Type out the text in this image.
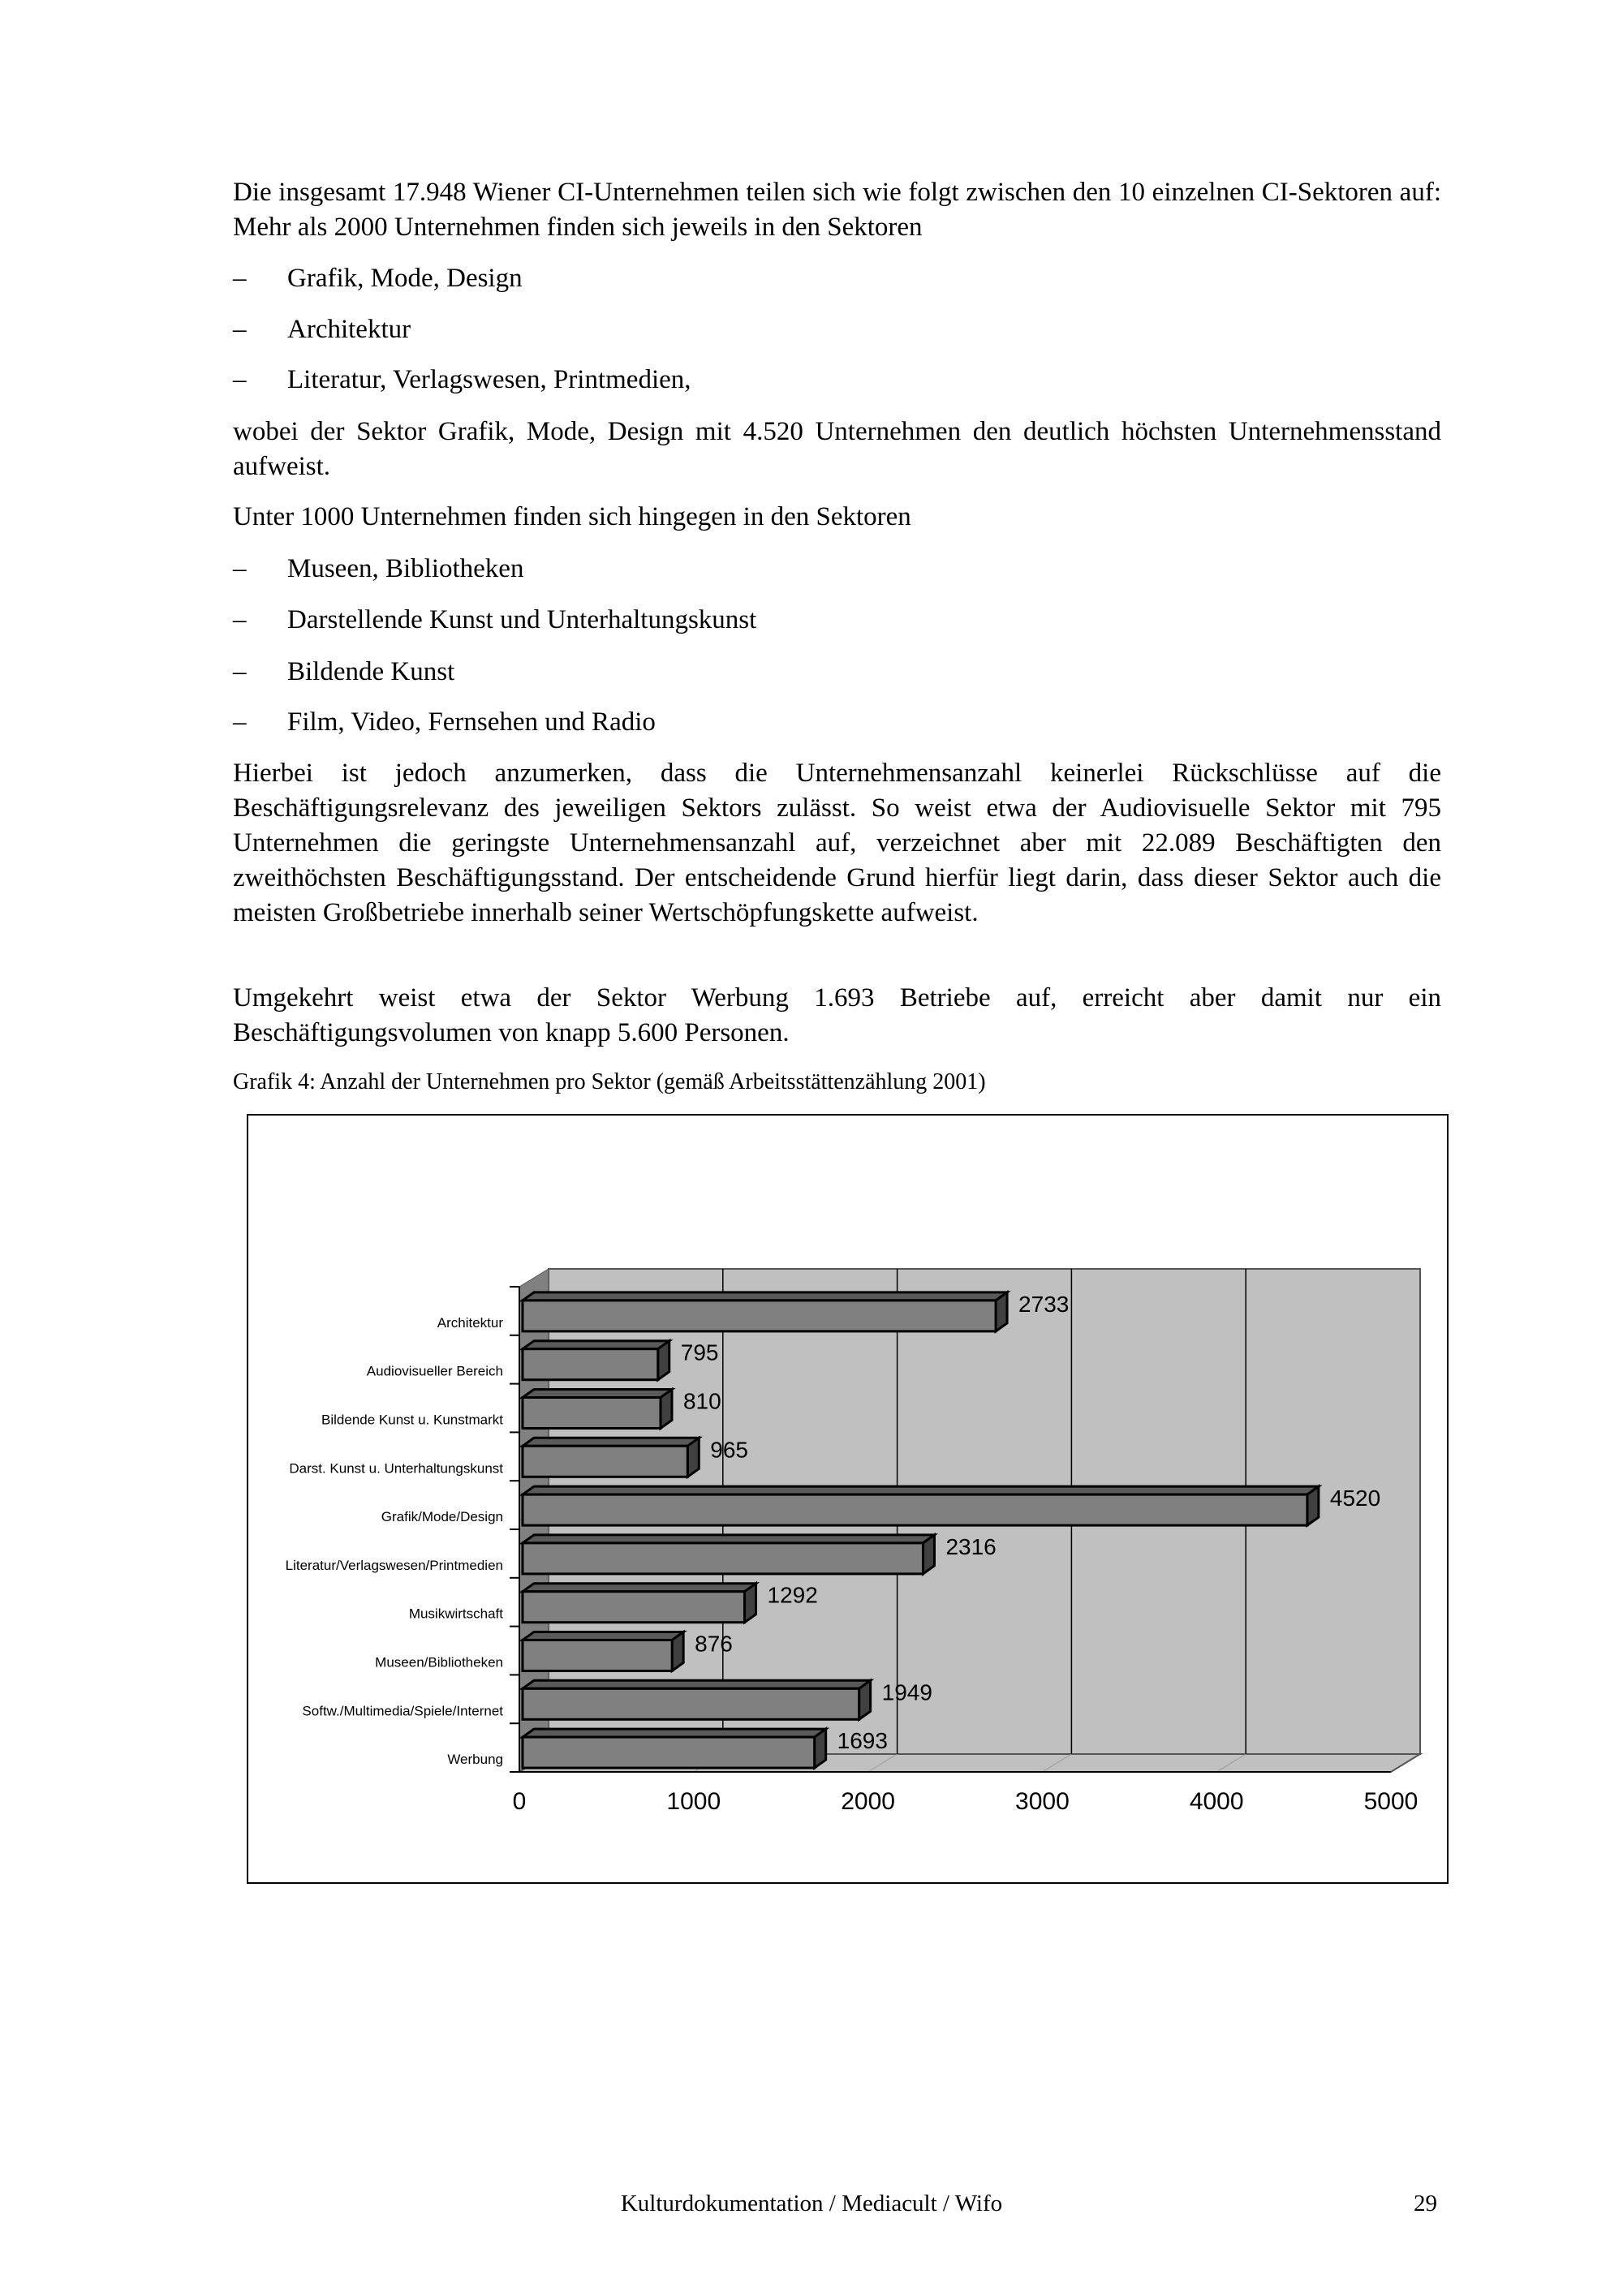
Die insgesamt 17.948 Wiener CI-Unternehmen teilen sich wie folgt zwischen den 10 einzelnen CI-Sektoren auf: Mehr als 2000 Unternehmen finden sich jeweils in den Sektoren
– Grafik, Mode, Design
– Architektur
– Literatur, Verlagswesen, Printmedien,
wobei der Sektor Grafik, Mode, Design mit 4.520 Unternehmen den deutlich höchsten Unternehmensstand aufweist.
Unter 1000 Unternehmen finden sich hingegen in den Sektoren
– Museen, Bibliotheken
– Darstellende Kunst und Unterhaltungskunst
– Bildende Kunst
– Film, Video, Fernsehen und Radio
Hierbei ist jedoch anzumerken, dass die Unternehmensanzahl keinerlei Rückschlüsse auf die Beschäftigungsrelevanz des jeweiligen Sektors zulässt. So weist etwa der Audiovisuelle Sektor mit 795 Unternehmen die geringste Unternehmensanzahl auf, verzeichnet aber mit 22.089 Beschäftigten den zweithöchsten Beschäftigungsstand. Der entscheidende Grund hierfür liegt darin, dass dieser Sektor auch die meisten Großbetriebe innerhalb seiner Wertschöpfungskette aufweist.
Umgekehrt weist etwa der Sektor Werbung 1.693 Betriebe auf, erreicht aber damit nur ein Beschäftigungsvolumen von knapp 5.600 Personen.
Grafik 4: Anzahl der Unternehmen pro Sektor (gemäß Arbeitsstättenzählung 2001)
0	1000	2000	3000	4000	5000
2733
Architektur
795
Audiovisueller Bereich
810
Bildende Kunst u. Kunstmarkt
965
Darst. Kunst u. Unterhaltungskunst
4520
Grafik/Mode/Design
2316
Literatur/Verlagswesen/Printmedien
1292
Musikwirtschaft
876
Museen/Bibliotheken
1949
Softw./Multimedia/Spiele/Internet
1693
Werbung
Kulturdokumentation / Mediacult / Wifo	29
